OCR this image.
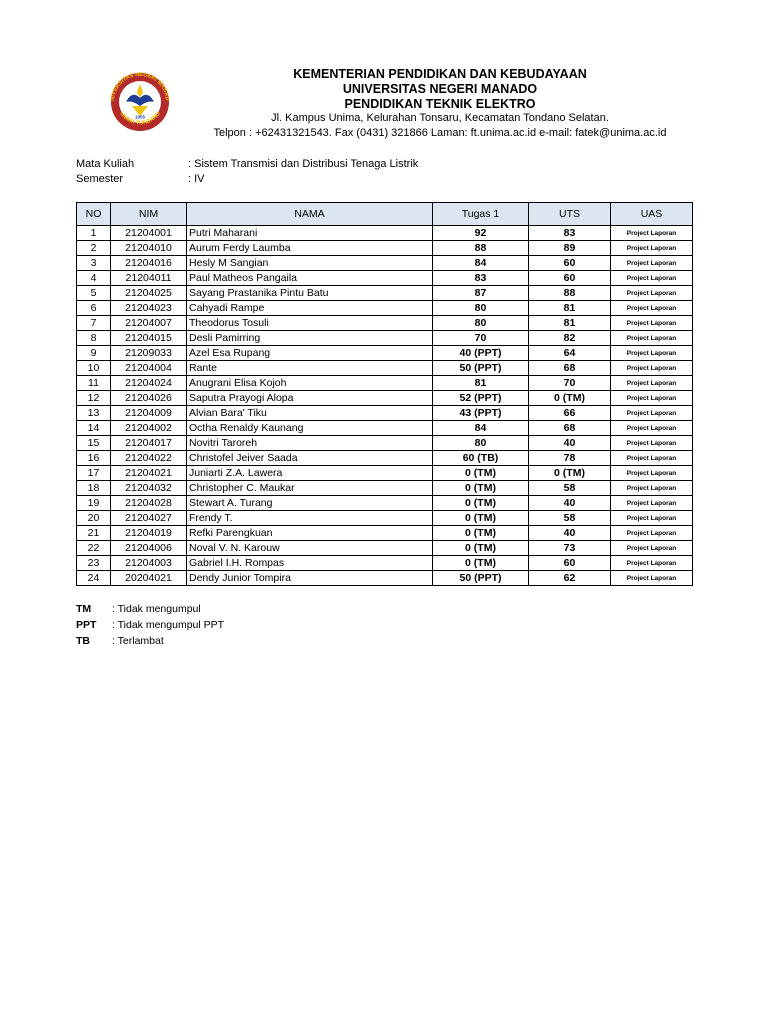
NIVERSITAS NEGERI MANAD
UNIMA TONDANO
1955
KEMENTERIAN PENDIDIKAN DAN KEBUDAYAAN
UNIVERSITAS NEGERI MANADO
PENDIDIKAN TEKNIK ELEKTRO
Jl. Kampus Unima, Kelurahan Tonsaru, Kecamatan Tondano Selatan.
Telpon : +62431321543. Fax (0431) 321866 Laman: ft.unima.ac.id e-mail: fatek@unima.ac.id
Mata Kuliah	: Sistem Transmisi dan Distribusi Tenaga Listrik
Semester	: IV
NO	NIM	NAMA	Tugas 1	UTS	UAS
1	21204001	Putri Maharani	92	83	Project Laporan
2	21204010	Aurum Ferdy Laumba	88	89	Project Laporan
3	21204016	Hesly M Sangian	84	60	Project Laporan
4	21204011	Paul Matheos Pangaila	83	60	Project Laporan
5	21204025	Sayang Prastanika Pintu Batu	87	88	Project Laporan
6	21204023	Cahyadi Rampe	80	81	Project Laporan
7	21204007	Theodorus Tosuli	80	81	Project Laporan
8	21204015	Desli Pamirring	70	82	Project Laporan
9	21209033	Azel Esa Rupang	40 (PPT)	64	Project Laporan
10	21204004	Rante	50 (PPT)	68	Project Laporan
11	21204024	Anugrani Elisa Kojoh	81	70	Project Laporan
12	21204026	Saputra Prayogi Alopa	52 (PPT)	0 (TM)	Project Laporan
13	21204009	Alvian Bara' Tiku	43 (PPT)	66	Project Laporan
14	21204002	Octha Renaldy Kaunang	84	68	Project Laporan
15	21204017	Novitri Taroreh	80	40	Project Laporan
16	21204022	Christofel Jeiver Saada	60 (TB)	78	Project Laporan
17	21204021	Juniarti Z.A. Lawera	0 (TM)	0 (TM)	Project Laporan
18	21204032	Christopher C. Maukar	0 (TM)	58	Project Laporan
19	21204028	Stewart A. Turang	0 (TM)	40	Project Laporan
20	21204027	Frendy T.	0 (TM)	58	Project Laporan
21	21204019	Refki Parengkuan	0 (TM)	40	Project Laporan
22	21204006	Noval V. N. Karouw	0 (TM)	73	Project Laporan
23	21204003	Gabriel I.H. Rompas	0 (TM)	60	Project Laporan
24	20204021	Dendy Junior Tompira	50 (PPT)	62	Project Laporan
TM : Tidak mengumpul
PPT : Tidak mengumpul PPT
TB : Terlambat
